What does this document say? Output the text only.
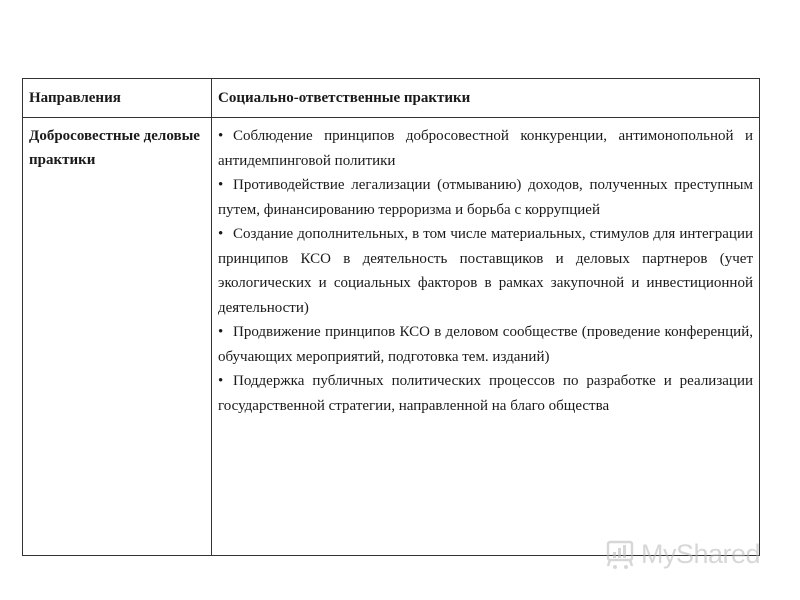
Направления	Социально-ответственные практики
Добросовестные деловые практики	• Соблюдение принципов добросовестной конкуренции, антимонопольной и антидемпинговой политики

• Противодействие легализации (отмыванию) доходов, полученных преступным путем, финансированию терроризма и борьба с коррупцией

• Создание дополнительных, в том числе материальных, стимулов для интеграции принципов КСО в деятельность поставщиков и деловых партнеров (учет экологических и социальных факторов в рамках закупочной и инвестиционной деятельности)

• Продвижение принципов КСО в деловом сообществе (проведение конференций, обучающих мероприятий, подготовка тем. изданий)

• Поддержка публичных политических процессов по разработке и реализации государственной стратегии, направленной на благо общества

MyShared
